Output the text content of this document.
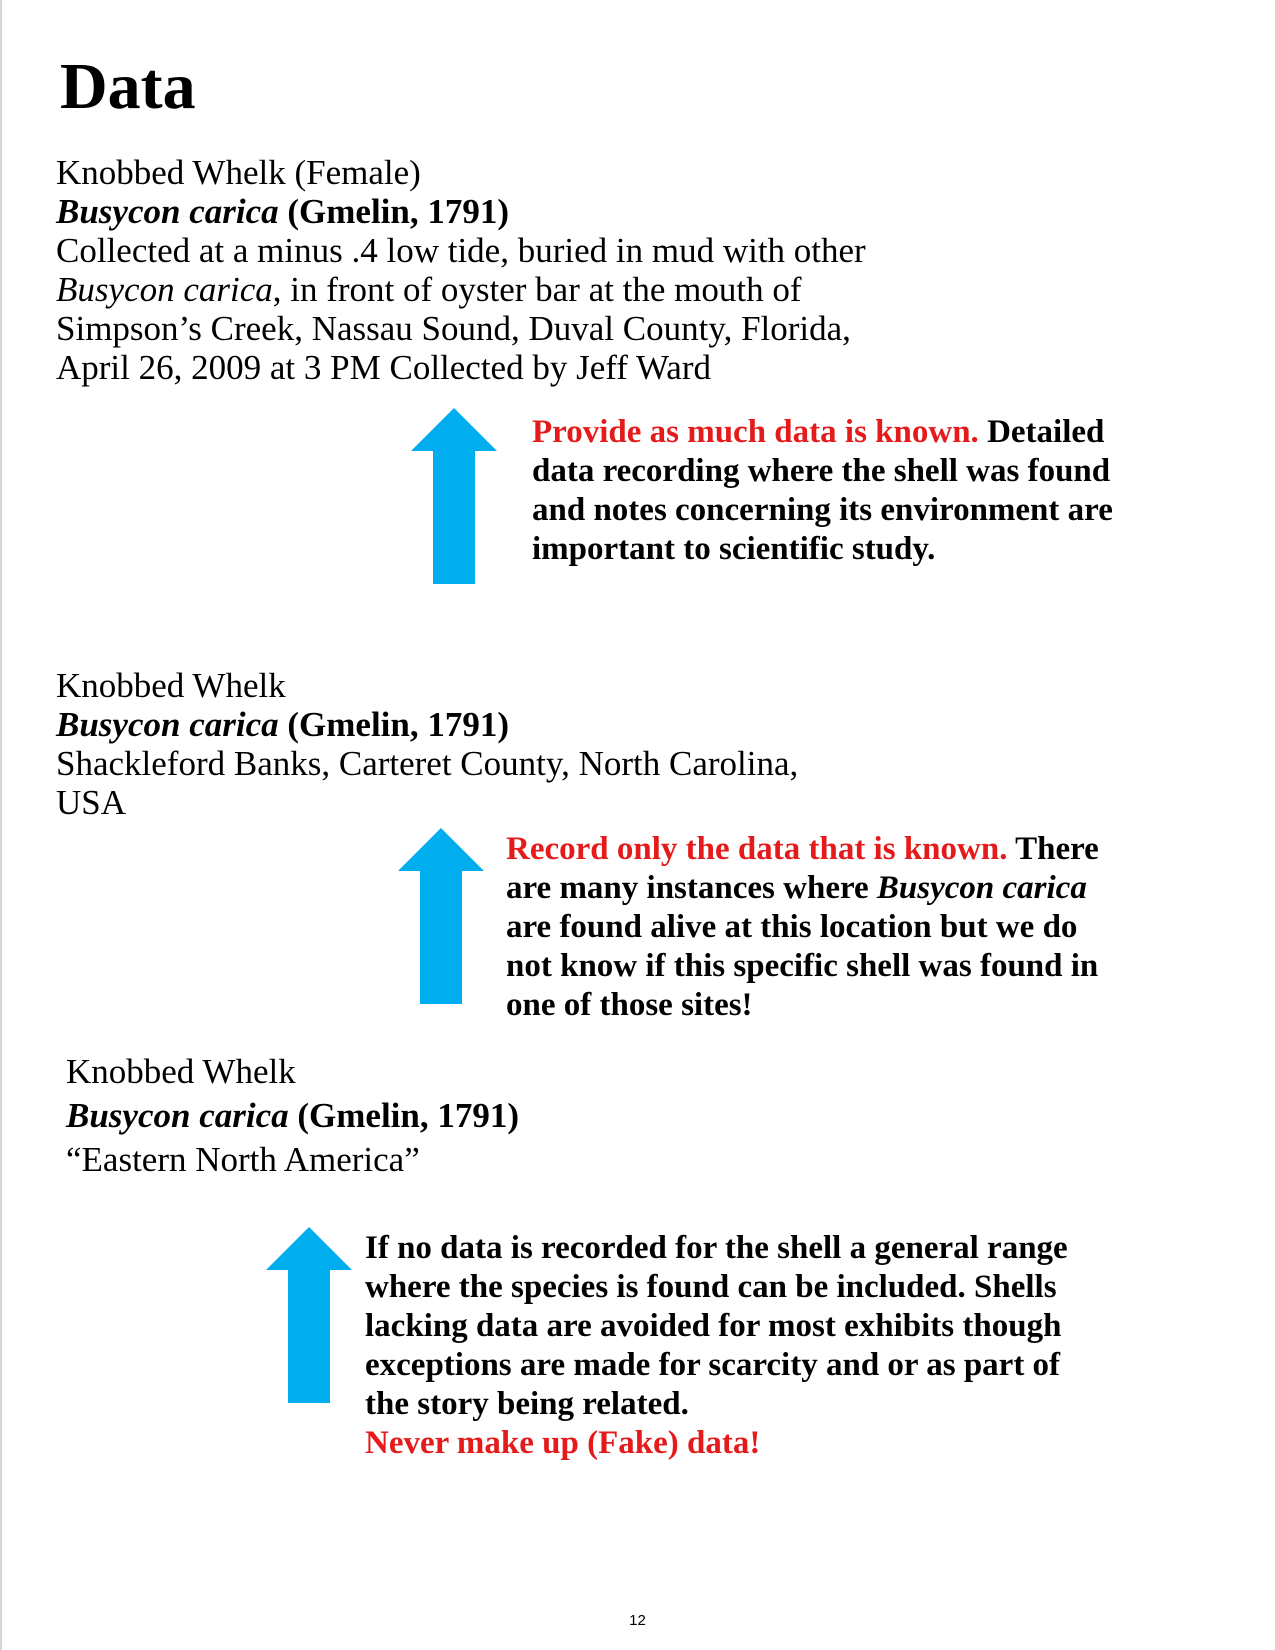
Data
Knobbed Whelk (Female)
Busycon carica (Gmelin, 1791)
Collected at a minus .4 low tide, buried in mud with other
Busycon carica, in front of oyster bar at the mouth of
Simpson’s Creek, Nassau Sound, Duval County, Florida,
April 26, 2009 at 3 PM Collected by Jeff Ward
Provide as much data is known. Detailed
data recording where the shell was found
and notes concerning its environment are
important to scientific study.
Knobbed Whelk
Busycon carica (Gmelin, 1791)
Shackleford Banks, Carteret County, North Carolina,
USA
Record only the data that is known. There
are many instances where Busycon carica
are found alive at this location but we do
not know if this specific shell was found in
one of those sites!
Knobbed Whelk
Busycon carica (Gmelin, 1791)
“Eastern North America”
If no data is recorded for the shell a general range
where the species is found can be included. Shells
lacking data are avoided for most exhibits though
exceptions are made for scarcity and or as part of
the story being related.
Never make up (Fake) data!
12
